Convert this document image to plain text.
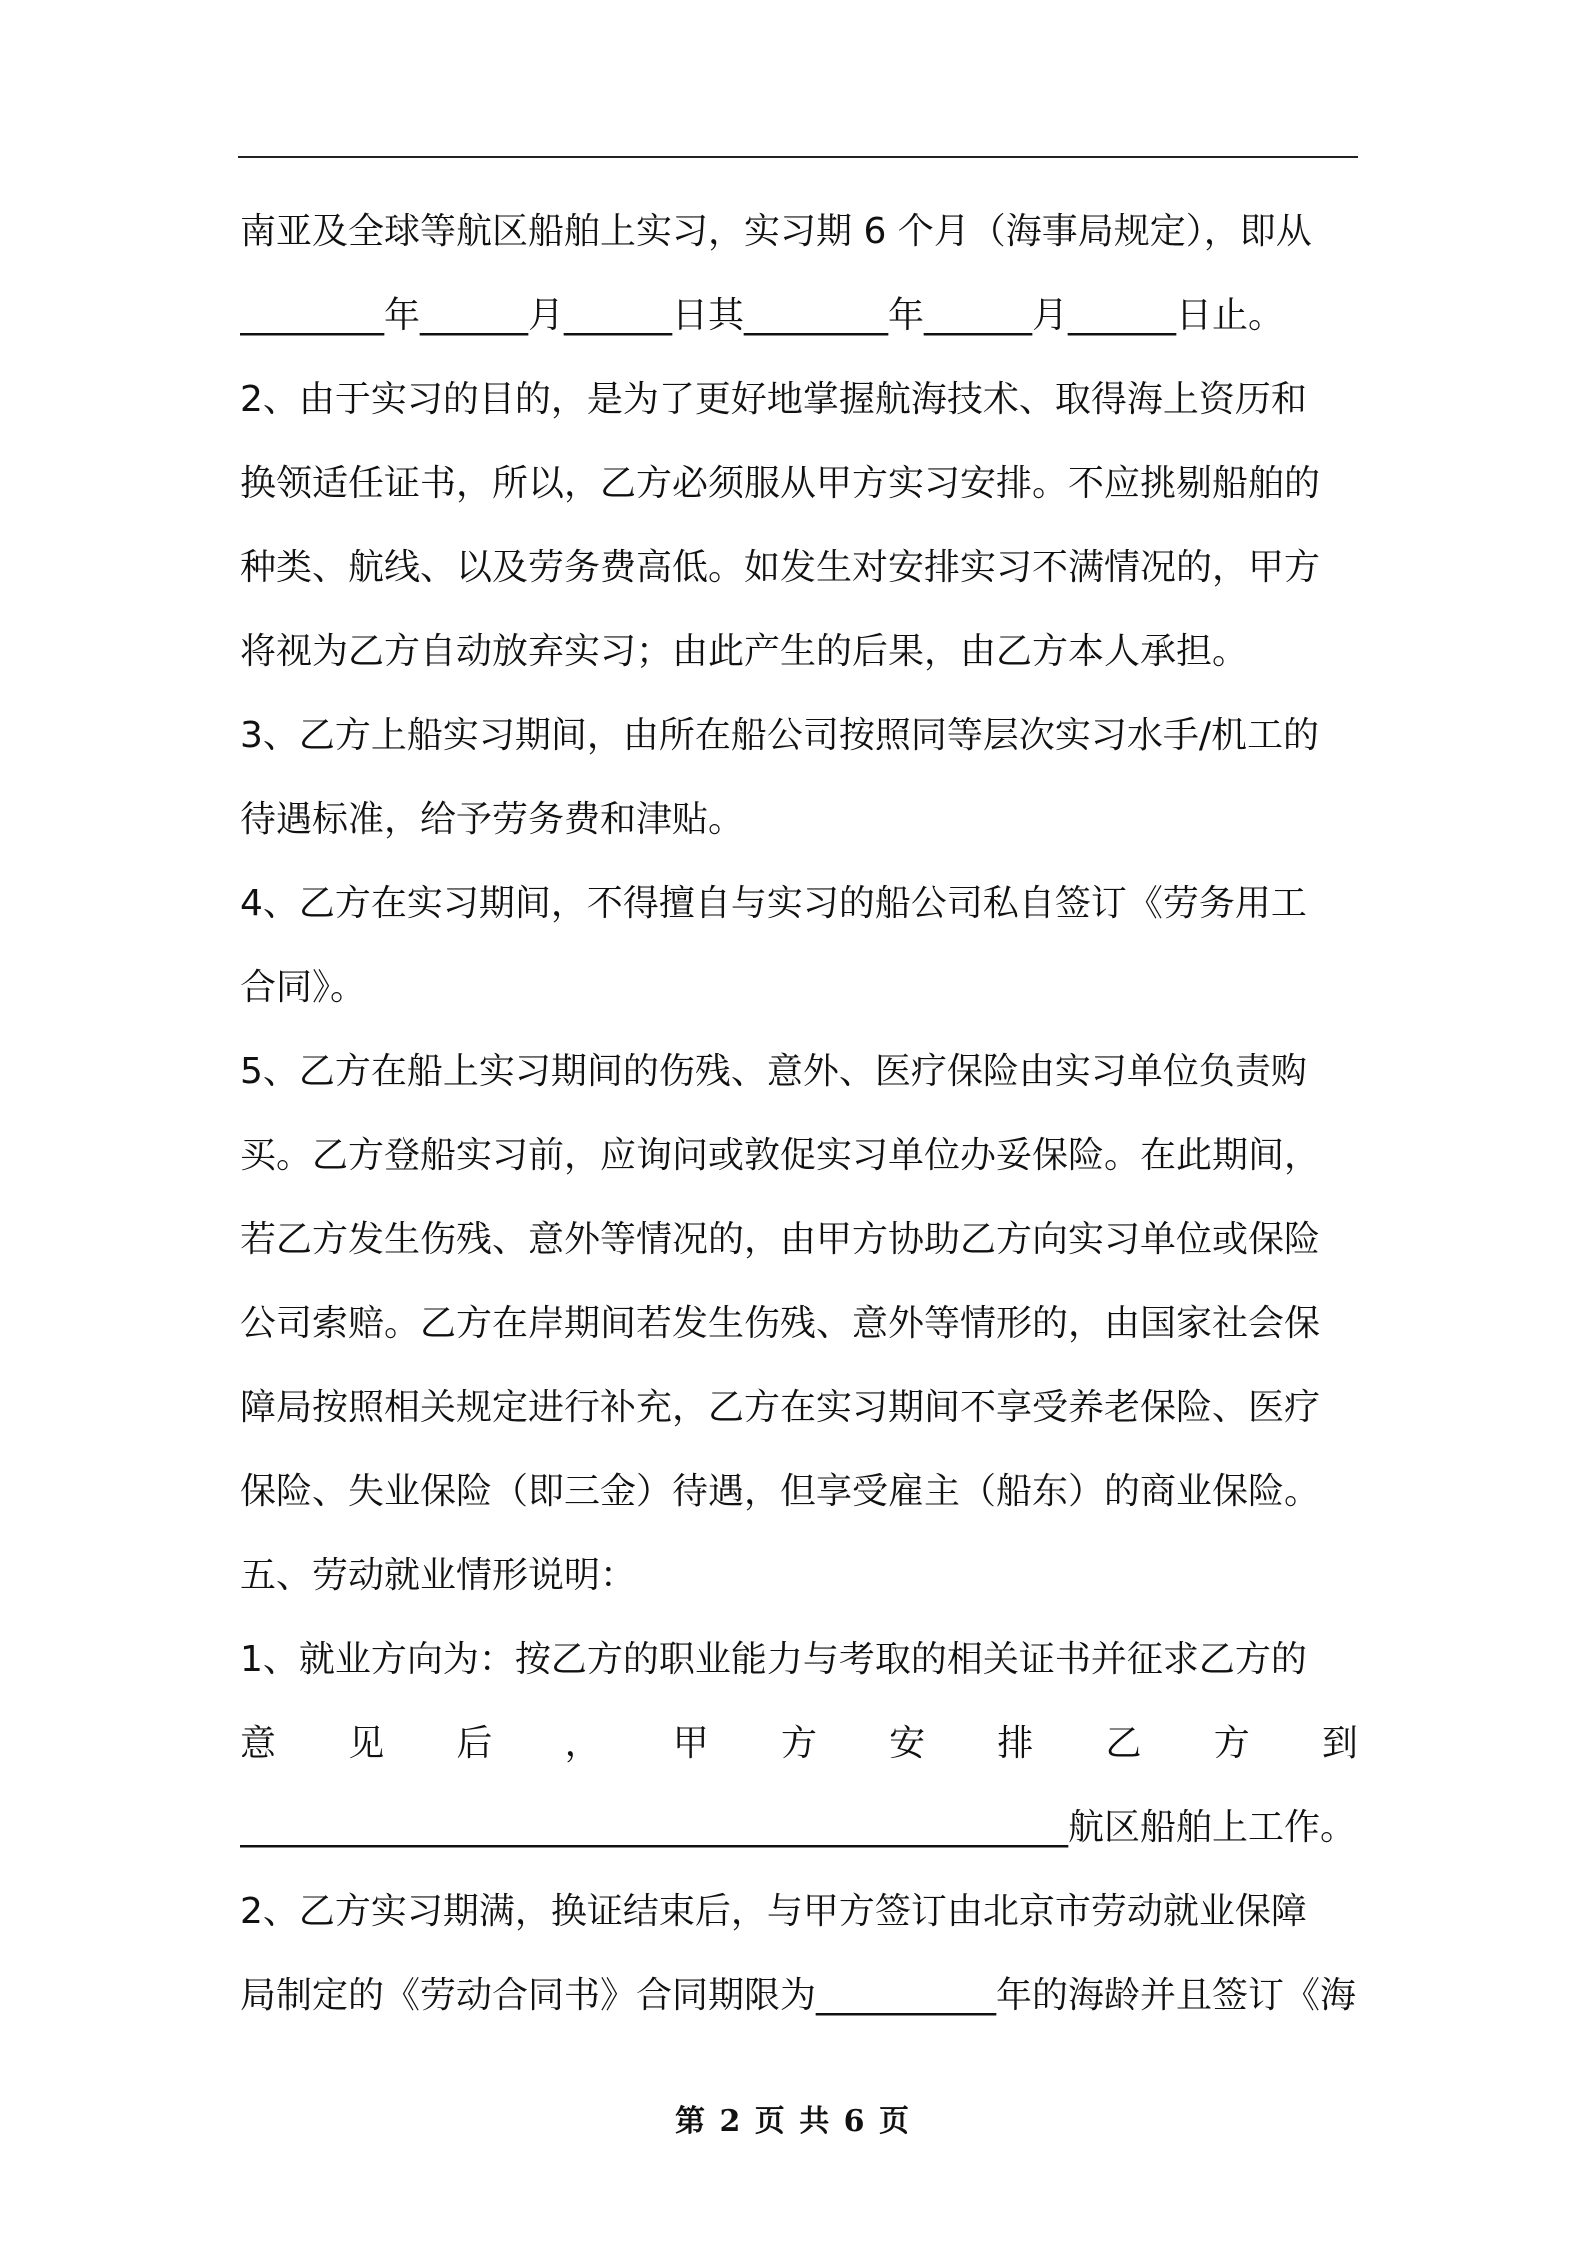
南亚及全球等航区船舶上实习，实习期 6 个月（海事局规定），即从
________年______月______日其________年______月______日止。
2、由于实习的目的，是为了更好地掌握航海技术、取得海上资历和
换领适任证书，所以，乙方必须服从甲方实习安排。不应挑剔船舶的
种类、航线、以及劳务费高低。如发生对安排实习不满情况的，甲方
将视为乙方自动放弃实习；由此产生的后果，由乙方本人承担。
3、乙方上船实习期间，由所在船公司按照同等层次实习水手/机工的
待遇标准，给予劳务费和津贴。
4、乙方在实习期间，不得擅自与实习的船公司私自签订《劳务用工
合同》。
5、乙方在船上实习期间的伤残、意外、医疗保险由实习单位负责购
买。乙方登船实习前，应询问或敦促实习单位办妥保险。在此期间，
若乙方发生伤残、意外等情况的，由甲方协助乙方向实习单位或保险
公司索赔。乙方在岸期间若发生伤残、意外等情形的，由国家社会保
障局按照相关规定进行补充，乙方在实习期间不享受养老保险、医疗
保险、失业保险（即三金）待遇，但享受雇主（船东）的商业保险。
五、劳动就业情形说明：
1、就业方向为：按乙方的职业能力与考取的相关证书并征求乙方的
意 见 后 ， 甲 方 安 排 乙 方 到
______________________________________________航区船舶上工作。
2、乙方实习期满，换证结束后，与甲方签订由北京市劳动就业保障
局制定的《劳动合同书》合同期限为__________年的海龄并且签订《海
第 2 页 共 6 页
